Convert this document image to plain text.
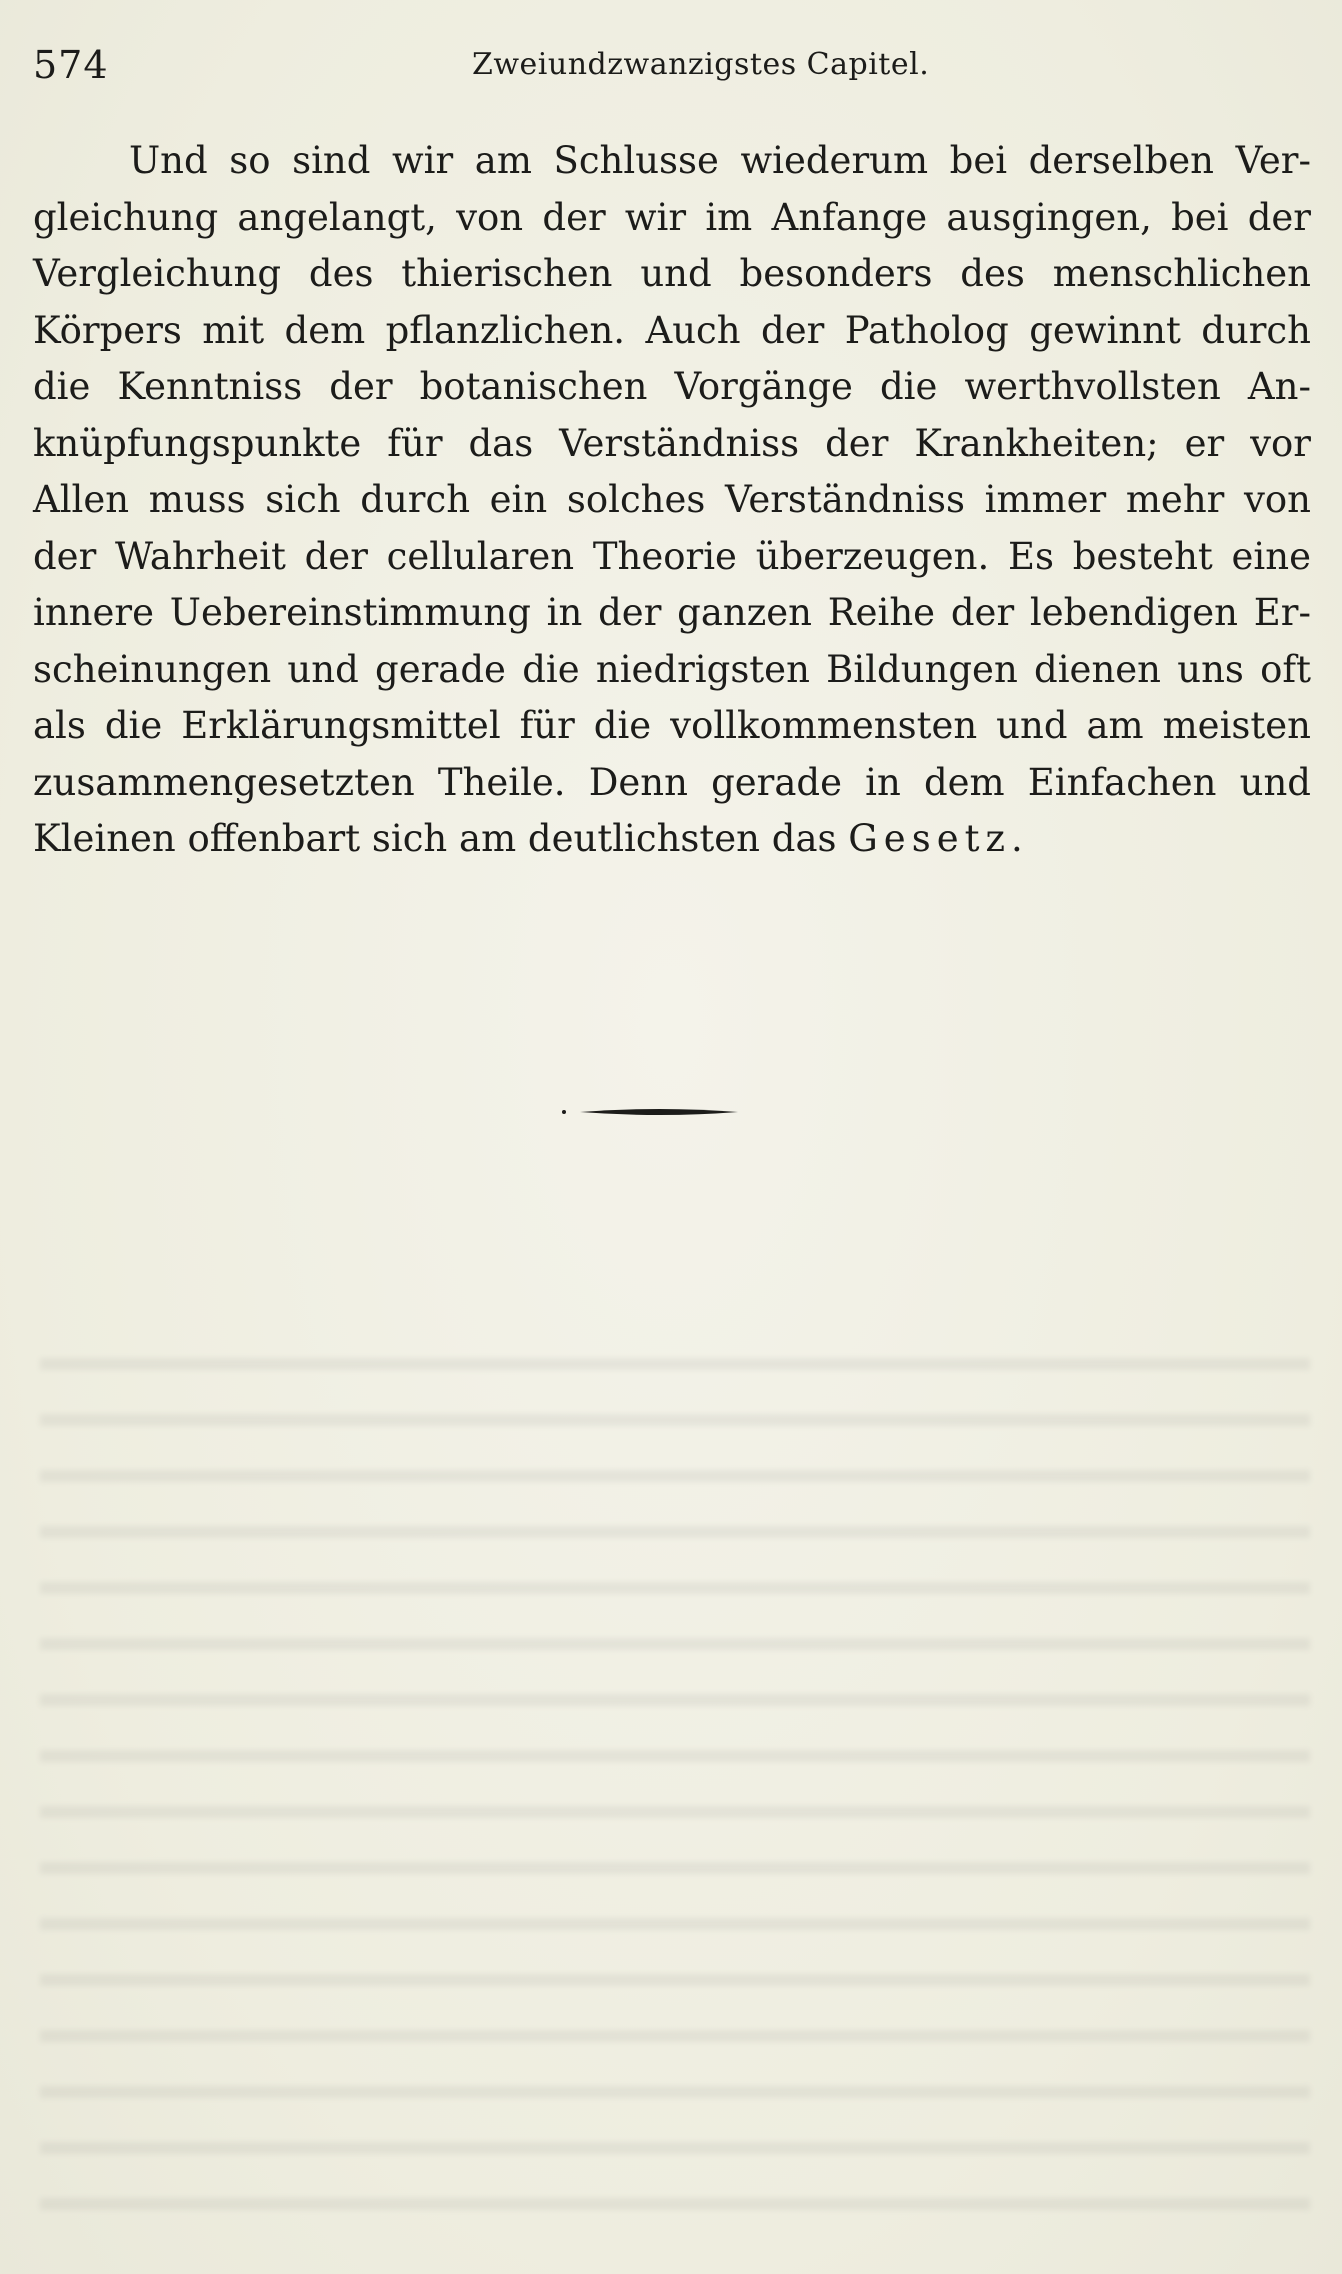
574	Zweiundzwanzigstes Capitel.
Und so sind wir am Schlusse wiederum bei derselben Ver-
gleichung angelangt, von der wir im Anfange ausgingen, bei der
Vergleichung des thierischen und besonders des menschlichen
Körpers mit dem pflanzlichen. Auch der Patholog gewinnt durch
die Kenntniss der botanischen Vorgänge die werthvollsten An-
knüpfungspunkte für das Verständniss der Krankheiten; er vor
Allen muss sich durch ein solches Verständniss immer mehr von
der Wahrheit der cellularen Theorie überzeugen. Es besteht eine
innere Uebereinstimmung in der ganzen Reihe der lebendigen Er-
scheinungen und gerade die niedrigsten Bildungen dienen uns oft
als die Erklärungsmittel für die vollkommensten und am meisten
zusammengesetzten Theile. Denn gerade in dem Einfachen und
Kleinen offenbart sich am deutlichsten das Gesetz.
